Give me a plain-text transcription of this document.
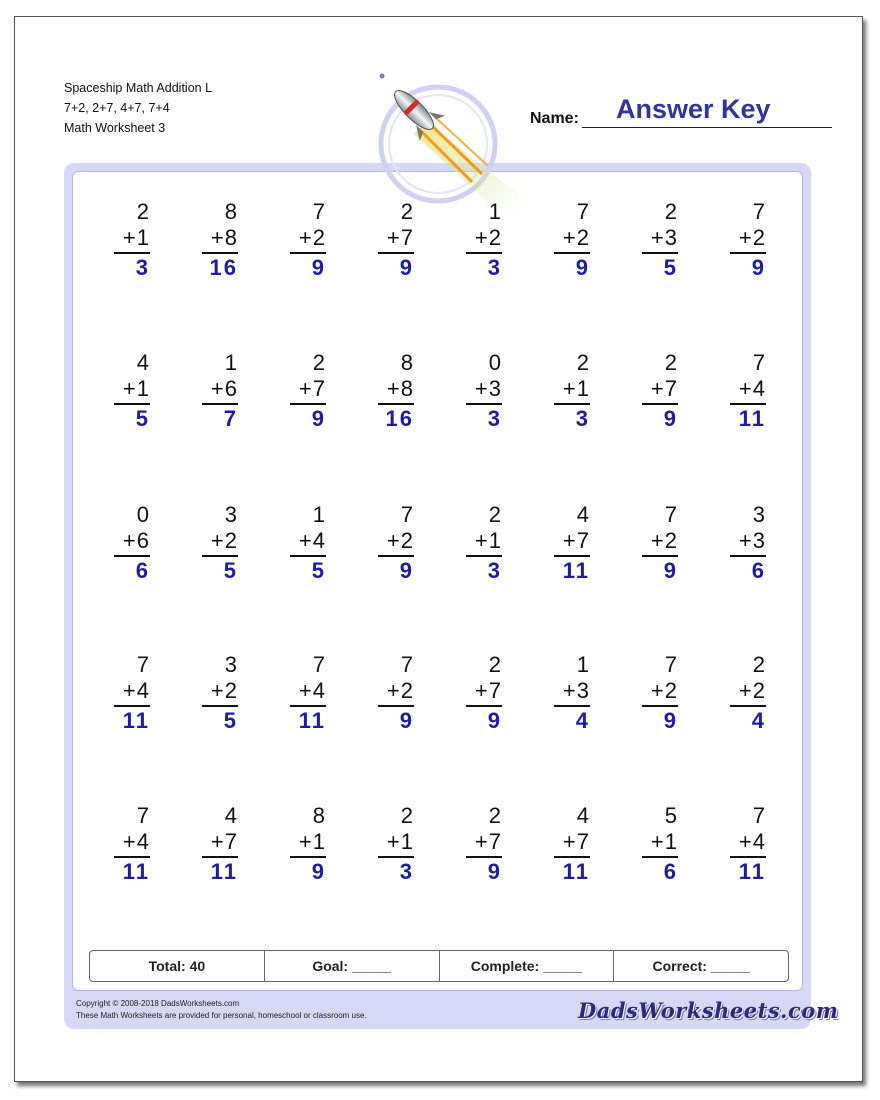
Spaceship Math Addition L
7+2, 2+7, 4+7, 7+4
Math Worksheet 3
Name: Answer Key
2
+1
3
8
+8
16
7
+2
9
2
+7
9
1
+2
3
7
+2
9
2
+3
5
7
+2
9
4
+1
5
1
+6
7
2
+7
9
8
+8
16
0
+3
3
2
+1
3
2
+7
9
7
+4
11
0
+6
6
3
+2
5
1
+4
5
7
+2
9
2
+1
3
4
+7
11
7
+2
9
3
+3
6
7
+4
11
3
+2
5
7
+4
11
7
+2
9
2
+7
9
1
+3
4
7
+2
9
2
+2
4
7
+4
11
4
+7
11
8
+1
9
2
+1
3
2
+7
9
4
+7
11
5
+1
6
7
+4
11
Total: 40	Goal: _____	Complete: _____	Correct: _____
Copyright © 2008-2018 DadsWorksheets.com
These Math Worksheets are provided for personal, homeschool or classroom use.	DadsWorksheets.com
